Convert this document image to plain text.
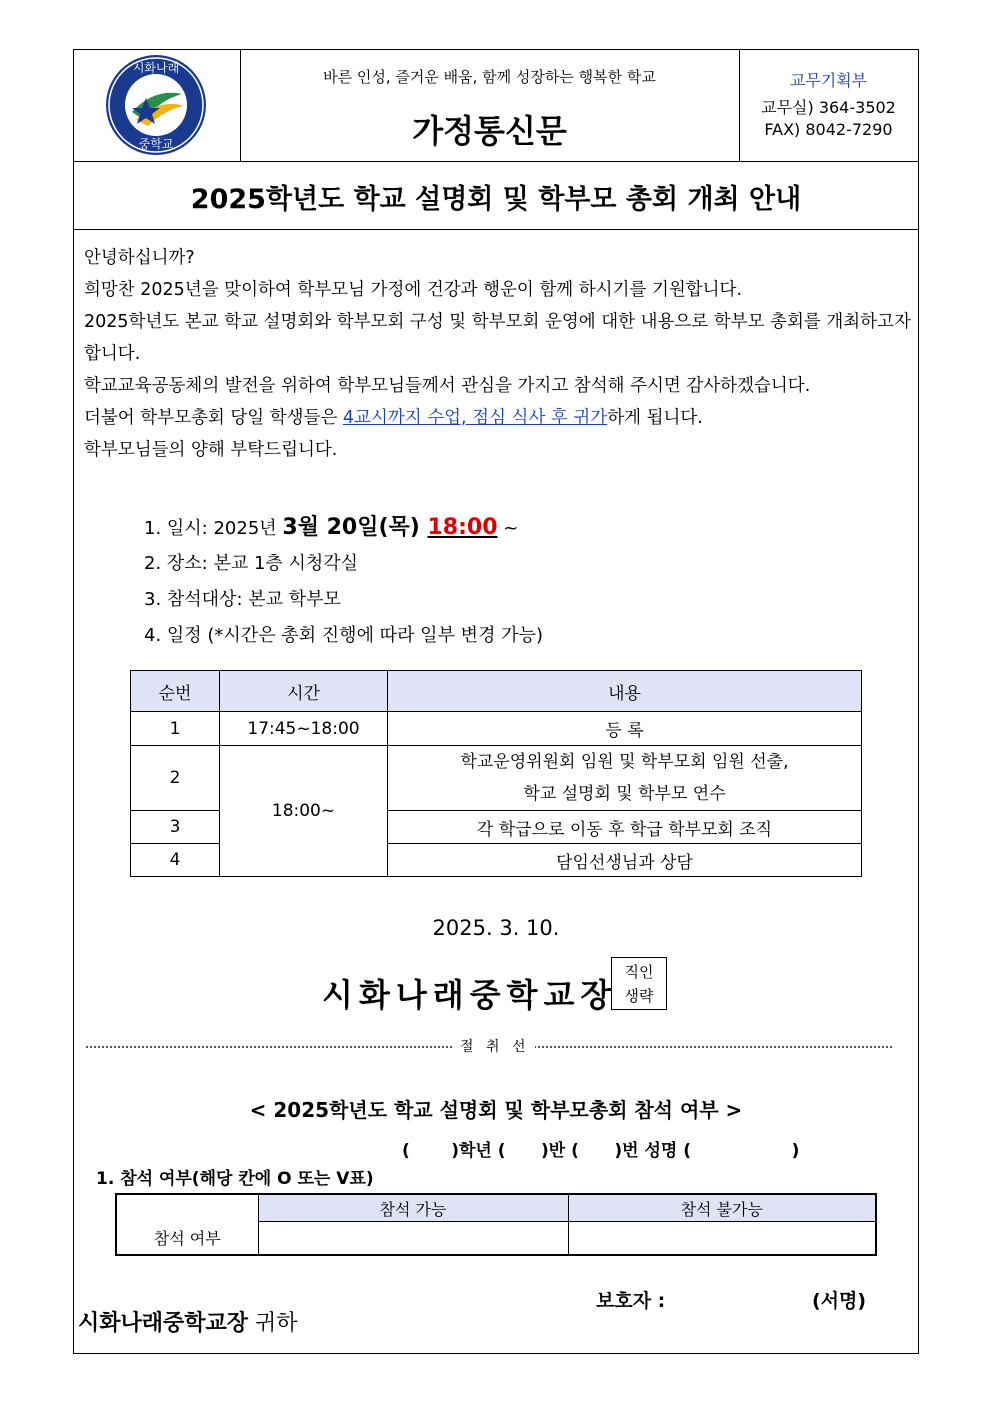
시화나래
중학교
바른 인성, 즐거운 배움, 함께 성장하는 행복한 학교
가정통신문
교무기획부
교무실) 364-3502
FAX) 8042-7290
2025학년도 학교 설명회 및 학부모 총회 개최 안내

안녕하십니까?

희망찬 2025년을 맞이하여 학부모님 가정에 건강과 행운이 함께 하시기를 기원합니다.

2025학년도 본교 학교 설명회와 학부모회 구성 및 학부모회 운영에 대한 내용으로 학부모 총회를 개최하고자 합니다.

학교교육공동체의 발전을 위하여 학부모님들께서 관심을 가지고 참석해 주시면 감사하겠습니다.

더불어 학부모총회 당일 학생들은 4교시까지 수업, 점심 식사 후 귀가하게 됩니다.

학부모님들의 양해 부탁드립니다.

1. 일시: 2025년 3월 20일(목) 18:00 ~
2. 장소: 본교 1층 시청각실
3. 참석대상: 본교 학부모
4. 일정 (*시간은 총회 진행에 따라 일부 변경 가능)
순번	시간	내용
1	17:45~18:00	등 록
2	18:00~	학교운영위원회 임원 및 학부모회 임원 선출,
학교 설명회 및 학부모 연수

3		각 학급으로 이동 후 학급 학부모회 조직
4		담임선생님과 상담
2025. 3. 10.
시화나래중학교장
직인
생략
절 취 선
< 2025학년도 학교 설명회 및 학부모총회 참석 여부 >
(       )학년 (      )반 (      )번 성명 (                 )
1. 참석 여부(해당 칸에 O 또는 V표)
	참석 가능	참석 불가능
참석 여부		
보호자 :	(서명)
시화나래중학교장 귀하
